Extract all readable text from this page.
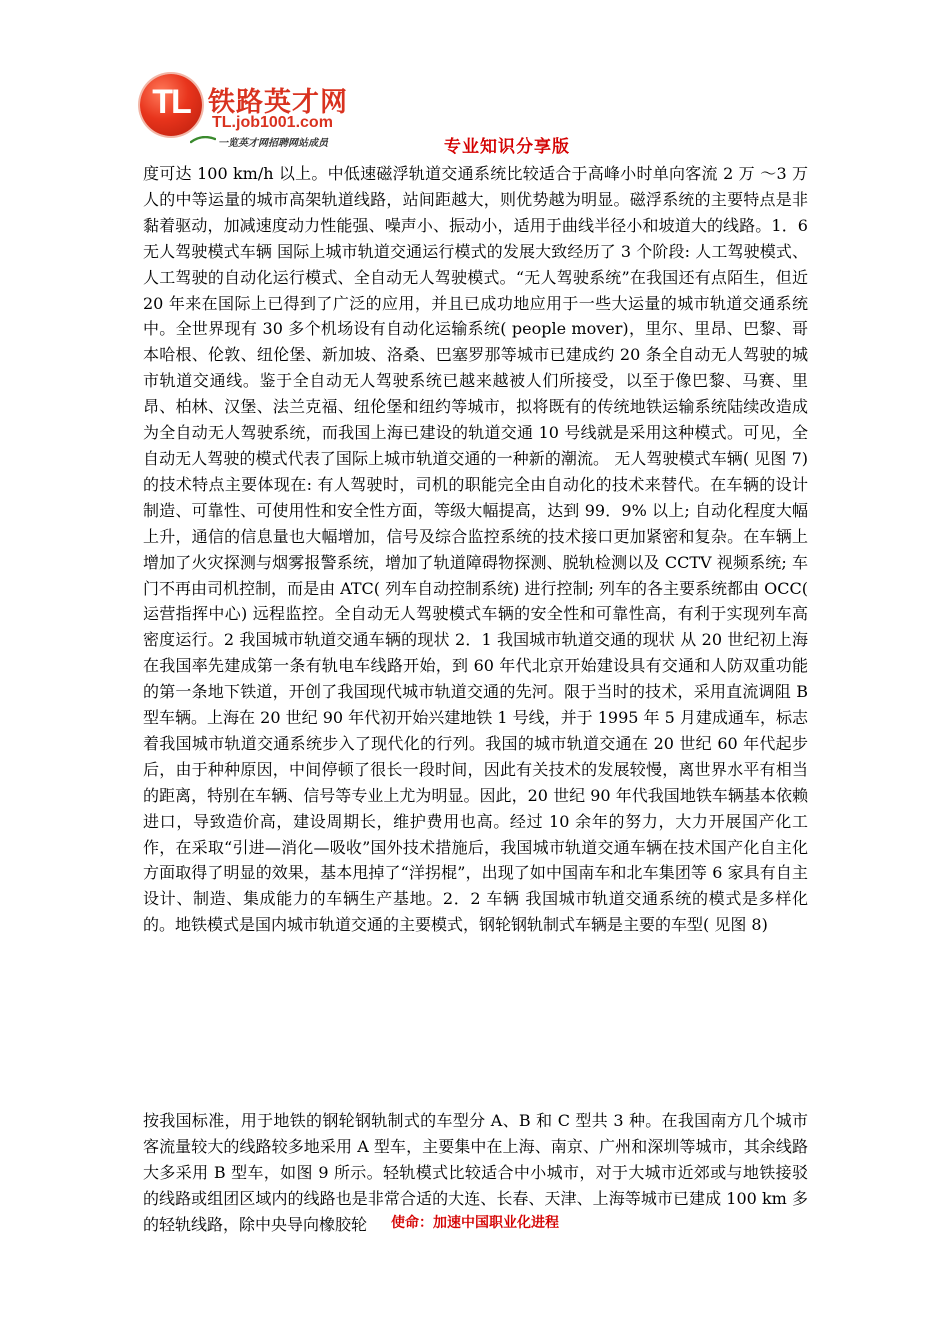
TL 铁路英才网
TL.job1001.com
一览英才网招聘网站成员	专业知识分享版
度可达 100 km/h 以上。中低速磁浮轨道交通系统比较适合于高峰小时单向客流 2 万 ～3 万人的中等运量的城市高架轨道线路，站间距越大，则优势越为明显。磁浮系统的主要特点是非黏着驱动，加减速度动力性能强、噪声小、振动小，适用于曲线半径小和坡道大的线路。1．6 无人驾驶模式车辆 国际上城市轨道交通运行模式的发展大致经历了 3 个阶段: 人工驾驶模式、人工驾驶的自动化运行模式、全自动无人驾驶模式。“无人驾驶系统”在我国还有点陌生，但近 20 年来在国际上已得到了广泛的应用，并且已成功地应用于一些大运量的城市轨道交通系统中。全世界现有 30 多个机场设有自动化运输系统( people mover)，里尔、里昂、巴黎、哥本哈根、伦敦、纽伦堡、新加坡、洛桑、巴塞罗那等城市已建成约 20 条全自动无人驾驶的城市轨道交通线。鉴于全自动无人驾驶系统已越来越被人们所接受，以至于像巴黎、马赛、里昂、柏林、汉堡、法兰克福、纽伦堡和纽约等城市，拟将既有的传统地铁运输系统陆续改造成为全自动无人驾驶系统，而我国上海已建设的轨道交通 10 号线就是采用这种模式。可见，全自动无人驾驶的模式代表了国际上城市轨道交通的一种新的潮流。 无人驾驶模式车辆( 见图 7) 的技术特点主要体现在: 有人驾驶时，司机的职能完全由自动化的技术来替代。在车辆的设计制造、可靠性、可使用性和安全性方面，等级大幅提高，达到 99．9% 以上; 自动化程度大幅上升，通信的信息量也大幅增加，信号及综合监控系统的技术接口更加紧密和复杂。在车辆上增加了火灾探测与烟雾报警系统，增加了轨道障碍物探测、脱轨检测以及 CCTV 视频系统; 车门不再由司机控制，而是由 ATC( 列车自动控制系统) 进行控制; 列车的各主要系统都由 OCC( 运营指挥中心) 远程监控。全自动无人驾驶模式车辆的安全性和可靠性高，有利于实现列车高密度运行。2 我国城市轨道交通车辆的现状 2．1 我国城市轨道交通的现状 从 20 世纪初上海在我国率先建成第一条有轨电车线路开始，到 60 年代北京开始建设具有交通和人防双重功能的第一条地下铁道，开创了我国现代城市轨道交通的先河。限于当时的技术，采用直流调阻 B 型车辆。上海在 20 世纪 90 年代初开始兴建地铁 1 号线，并于 1995 年 5 月建成通车，标志着我国城市轨道交通系统步入了现代化的行列。我国的城市轨道交通在 20 世纪 60 年代起步后，由于种种原因，中间停顿了很长一段时间，因此有关技术的发展较慢，离世界水平有相当的距离，特别在车辆、信号等专业上尤为明显。因此，20 世纪 90 年代我国地铁车辆基本依赖进口，导致造价高，建设周期长，维护费用也高。经过 10 余年的努力，大力开展国产化工作，在采取“引进—消化—吸收”国外技术措施后，我国城市轨道交通车辆在技术国产化自主化方面取得了明显的效果，基本甩掉了“洋拐棍”，出现了如中国南车和北车集团等 6 家具有自主设计、制造、集成能力的车辆生产基地。2．2 车辆 我国城市轨道交通系统的模式是多样化的。地铁模式是国内城市轨道交通的主要模式，钢轮钢轨制式车辆是主要的车型( 见图 8)
按我国标准，用于地铁的钢轮钢轨制式的车型分 A、B 和 C 型共 3 种。在我国南方几个城市客流量较大的线路较多地采用 A 型车，主要集中在上海、南京、广州和深圳等城市，其余线路大多采用 B 型车，如图 9 所示。轻轨模式比较适合中小城市，对于大城市近郊或与地铁接驳的线路或组团区域内的线路也是非常合适的大连、长春、天津、上海等城市已建成 100 km 多的轻轨线路，除中央导向橡胶轮	使命：加速中国职业化进程
